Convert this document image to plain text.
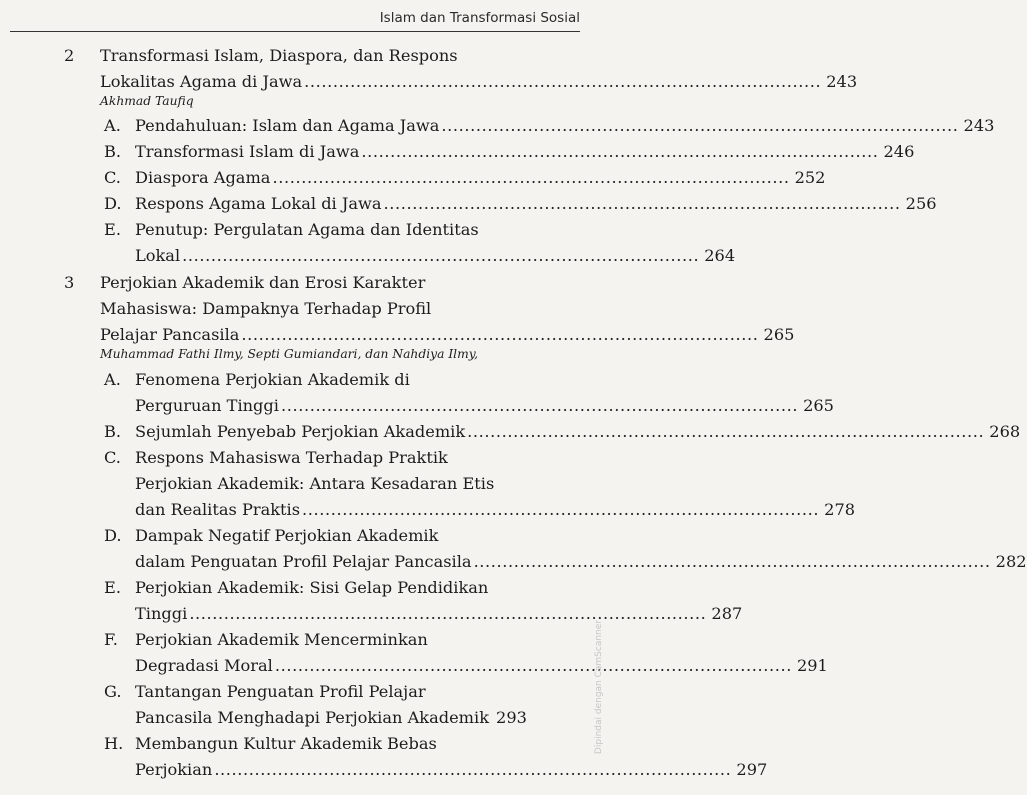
Islam dan Transformasi Sosial
2 Transformasi Islam, Diaspora, dan Respons
Lokalitas Agama di Jawa .......................................................................................... 243
Akhmad Taufiq
A. Pendahuluan: Islam dan Agama Jawa .......................................................................................... 243
B. Transformasi Islam di Jawa .......................................................................................... 246
C. Diaspora Agama .......................................................................................... 252
D. Respons Agama Lokal di Jawa .......................................................................................... 256
E. Penutup: Pergulatan Agama dan Identitas
Lokal .......................................................................................... 264
3 Perjokian Akademik dan Erosi Karakter
Mahasiswa: Dampaknya Terhadap Profil
Pelajar Pancasila .......................................................................................... 265
Muhammad Fathi Ilmy, Septi Gumiandari, dan Nahdiya Ilmy,
A. Fenomena Perjokian Akademik di
Perguruan Tinggi .......................................................................................... 265
B. Sejumlah Penyebab Perjokian Akademik .......................................................................................... 268
C. Respons Mahasiswa Terhadap Praktik
Perjokian Akademik: Antara Kesadaran Etis
dan Realitas Praktis .......................................................................................... 278
D. Dampak Negatif Perjokian Akademik
dalam Penguatan Profil Pelajar Pancasila .......................................................................................... 282
E. Perjokian Akademik: Sisi Gelap Pendidikan
Tinggi .......................................................................................... 287
F. Perjokian Akademik Mencerminkan
Degradasi Moral .......................................................................................... 291
G. Tantangan Penguatan Profil Pelajar
Pancasila Menghadapi Perjokian Akademik 293
H. Membangun Kultur Akademik Bebas
Perjokian .......................................................................................... 297
Dipindai dengan CamScanner
